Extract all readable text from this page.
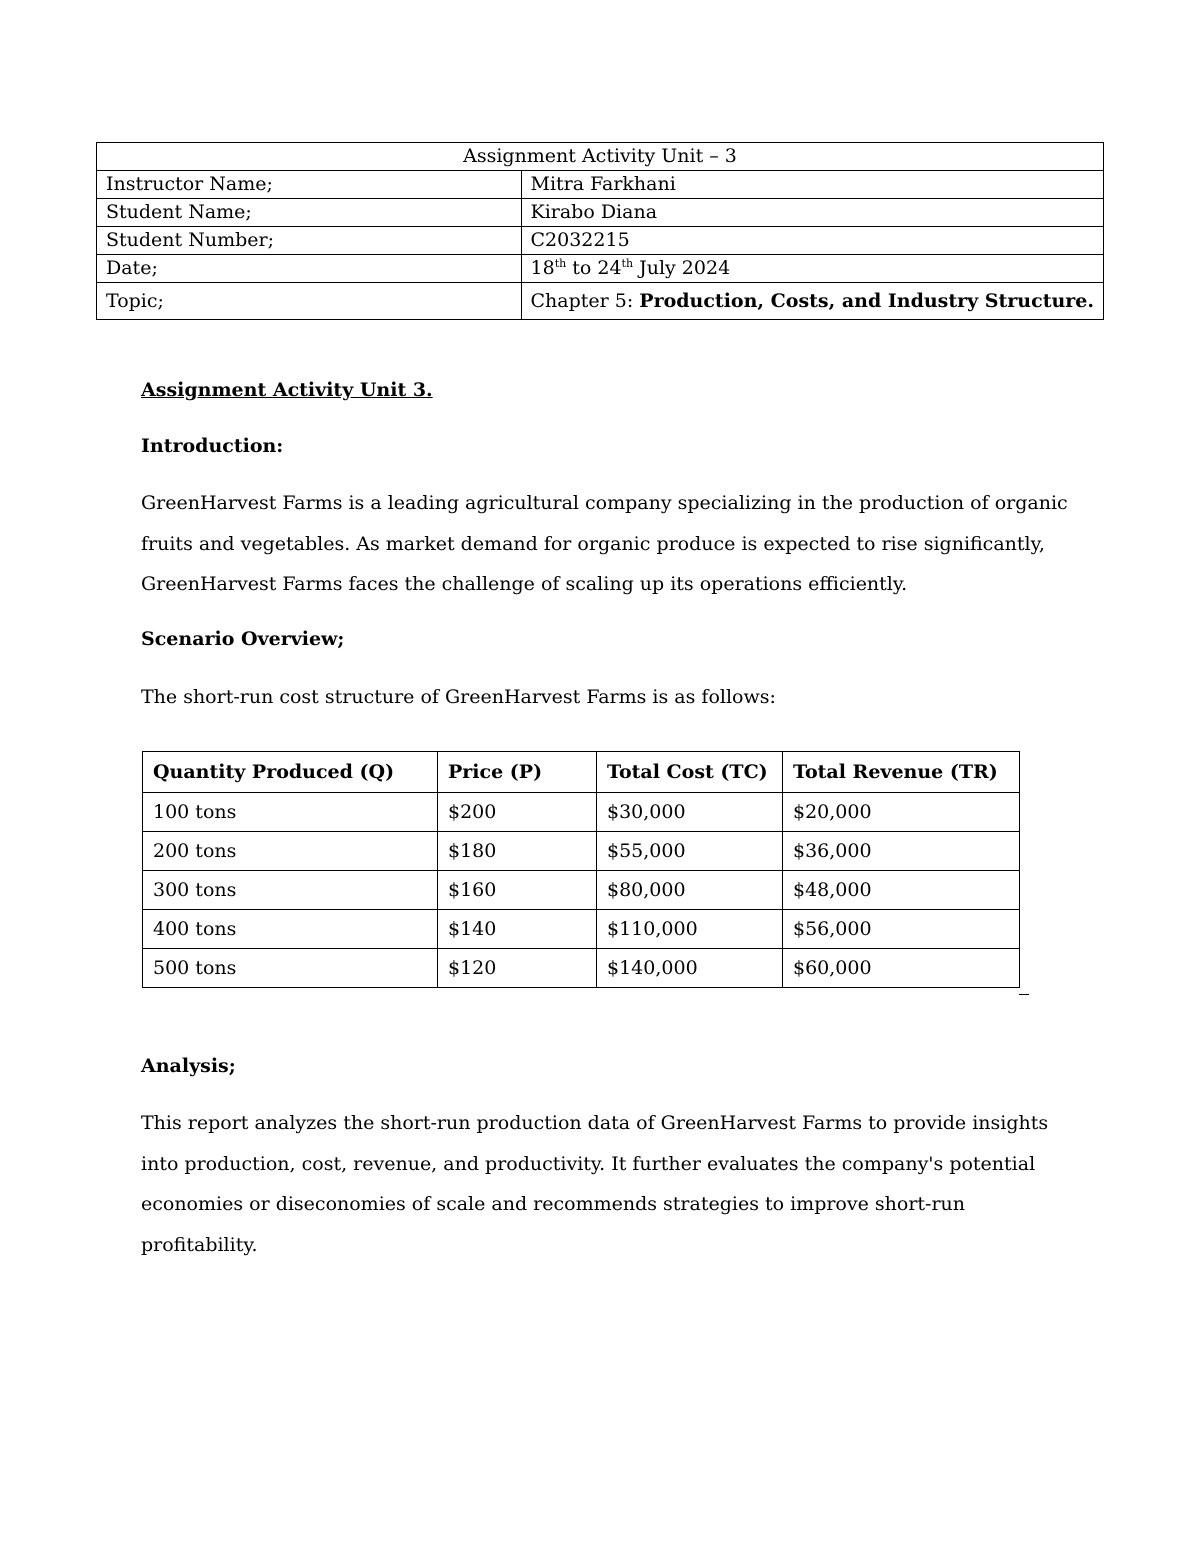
Assignment Activity Unit – 3	
Instructor Name;	Mitra Farkhani
Student Name;	Kirabo Diana
Student Number;	C2032215
Date;	18th to 24th July 2024
Topic;	Chapter 5: Production, Costs, and Industry Structure.

Assignment Activity Unit 3.

Introduction:

GreenHarvest Farms is a leading agricultural company specializing in the production of organic

fruits and vegetables. As market demand for organic produce is expected to rise significantly,

GreenHarvest Farms faces the challenge of scaling up its operations efficiently.

Scenario Overview;

The short-run cost structure of GreenHarvest Farms is as follows:

Quantity Produced (Q)	Price (P)	Total Cost (TC)	Total Revenue (TR)
100 tons	$200	$30,000	$20,000
200 tons	$180	$55,000	$36,000
300 tons	$160	$80,000	$48,000
400 tons	$140	$110,000	$56,000
500 tons	$120	$140,000	$60,000

Analysis;

This report analyzes the short-run production data of GreenHarvest Farms to provide insights

into production, cost, revenue, and productivity. It further evaluates the company's potential

economies or diseconomies of scale and recommends strategies to improve short-run

profitability.
